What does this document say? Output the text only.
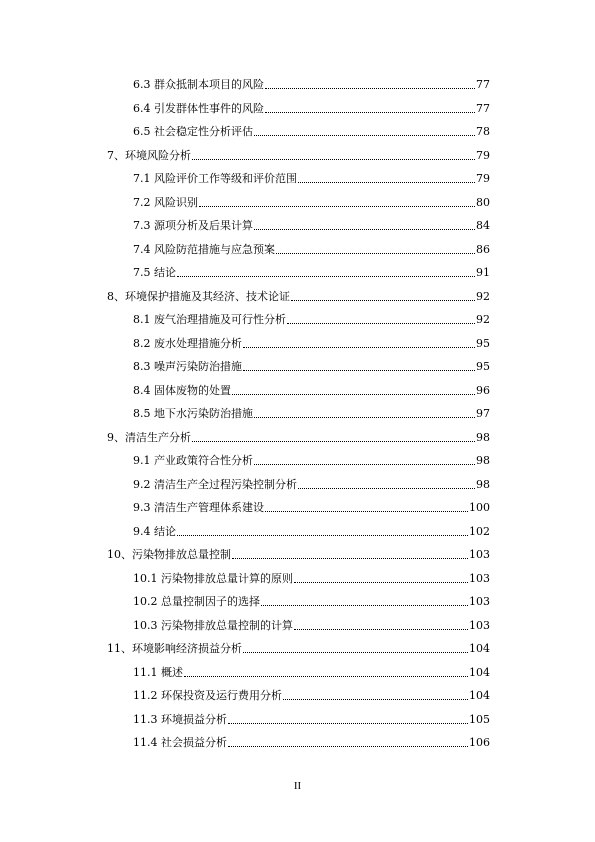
6.3 群众抵制本项目的风险	77
6.4 引发群体性事件的风险	77
6.5 社会稳定性分析评估	78
7、环境风险分析	79
7.1 风险评价工作等级和评价范围	79
7.2 风险识别	80
7.3 源项分析及后果计算	84
7.4 风险防范措施与应急预案	86
7.5 结论	91
8、环境保护措施及其经济、技术论证	92
8.1 废气治理措施及可行性分析	92
8.2 废水处理措施分析	95
8.3 噪声污染防治措施	95
8.4 固体废物的处置	96
8.5 地下水污染防治措施	97
9、清洁生产分析	98
9.1 产业政策符合性分析	98
9.2 清洁生产全过程污染控制分析	98
9.3 清洁生产管理体系建设	100
9.4 结论	102
10、污染物排放总量控制	103
10.1 污染物排放总量计算的原则	103
10.2 总量控制因子的选择	103
10.3 污染物排放总量控制的计算	103
11、环境影响经济损益分析	104
11.1 概述	104
11.2 环保投资及运行费用分析	104
11.3 环境损益分析	105
11.4 社会损益分析	106
II
